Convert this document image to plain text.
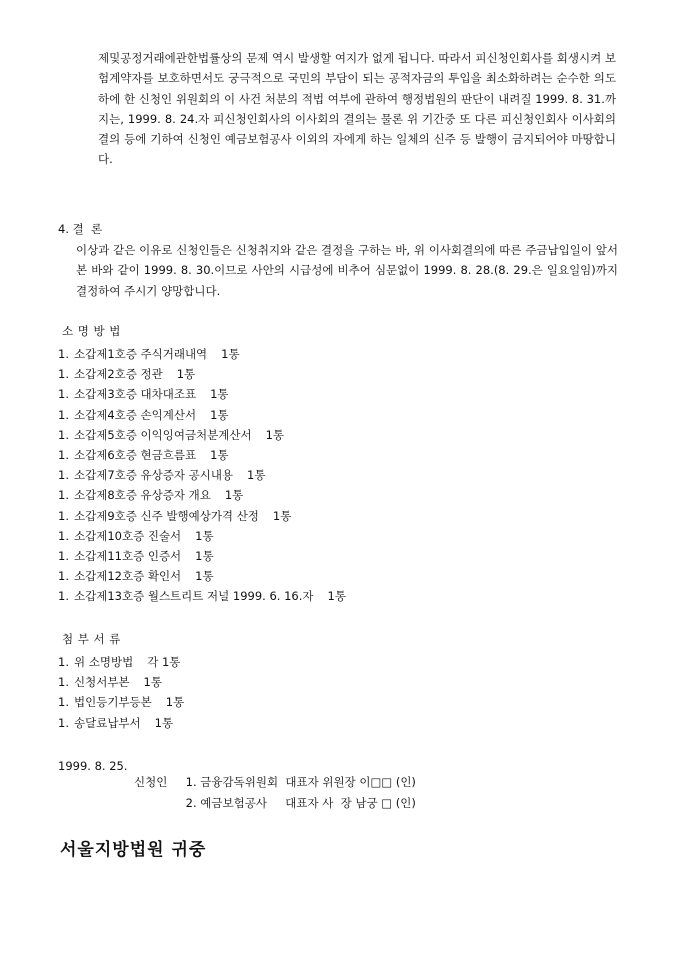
제및공정거래에관한법률상의 문제 역시 발생할 여지가 없게 됩니다. 따라서 피신청인회사를 회생시켜 보험계약자를 보호하면서도 궁극적으로 국민의 부담이 되는 공적자금의 투입을 최소화하려는 순수한 의도하에 한 신청인 위원회의 이 사건 처분의 적법 여부에 관하여 행정법원의 판단이 내려질 1999. 8. 31.까지는, 1999. 8. 24.자 피신청인회사의 이사회의 결의는 물론 위 기간중 또 다른 피신청인회사 이사회의 결의 등에 기하여 신청인 예금보험공사 이외의 자에게 하는 일체의 신주 등 발행이 금지되어야 마땅합니다.

4. 결  론

이상과 같은 이유로 신청인들은 신청취지와 같은 결정을 구하는 바, 위 이사회결의에 따른 주금납입일이 앞서 본 바와 같이 1999. 8. 30.이므로 사안의 시급성에 비추어 심문없이 1999. 8. 28.(8. 29.은 일요일임)까지 결정하여 주시기 양망합니다.

소 명 방 법
1. 소갑제1호증 주식거래내역 1통
1. 소갑제2호증 정관 1통
1. 소갑제3호증 대차대조표 1통
1. 소갑제4호증 손익계산서 1통
1. 소갑제5호증 이익잉여금처분계산서 1통
1. 소갑제6호증 현금흐름표 1통
1. 소갑제7호증 유상증자 공시내용 1통
1. 소갑제8호증 유상증자 개요 1통
1. 소갑제9호증 신주 발행예상가격 산정 1통
1. 소갑제10호증 진술서 1통
1. 소갑제11호증 인증서 1통
1. 소갑제12호증 확인서 1통
1. 소갑제13호증 월스트리트 저널 1999. 6. 16.자 1통
첨 부 서 류
1. 위 소명방법 각 1통
1. 신청서부본 1통
1. 법인등기부등본 1통
1. 송달료납부서 1통
1999. 8. 25.
신청인 1. 금융감독위원회 대표자 위원장 이□□ (인)
2. 예금보험공사 대표자 사  장 남궁 □ (인)
서울지방법원 귀중
